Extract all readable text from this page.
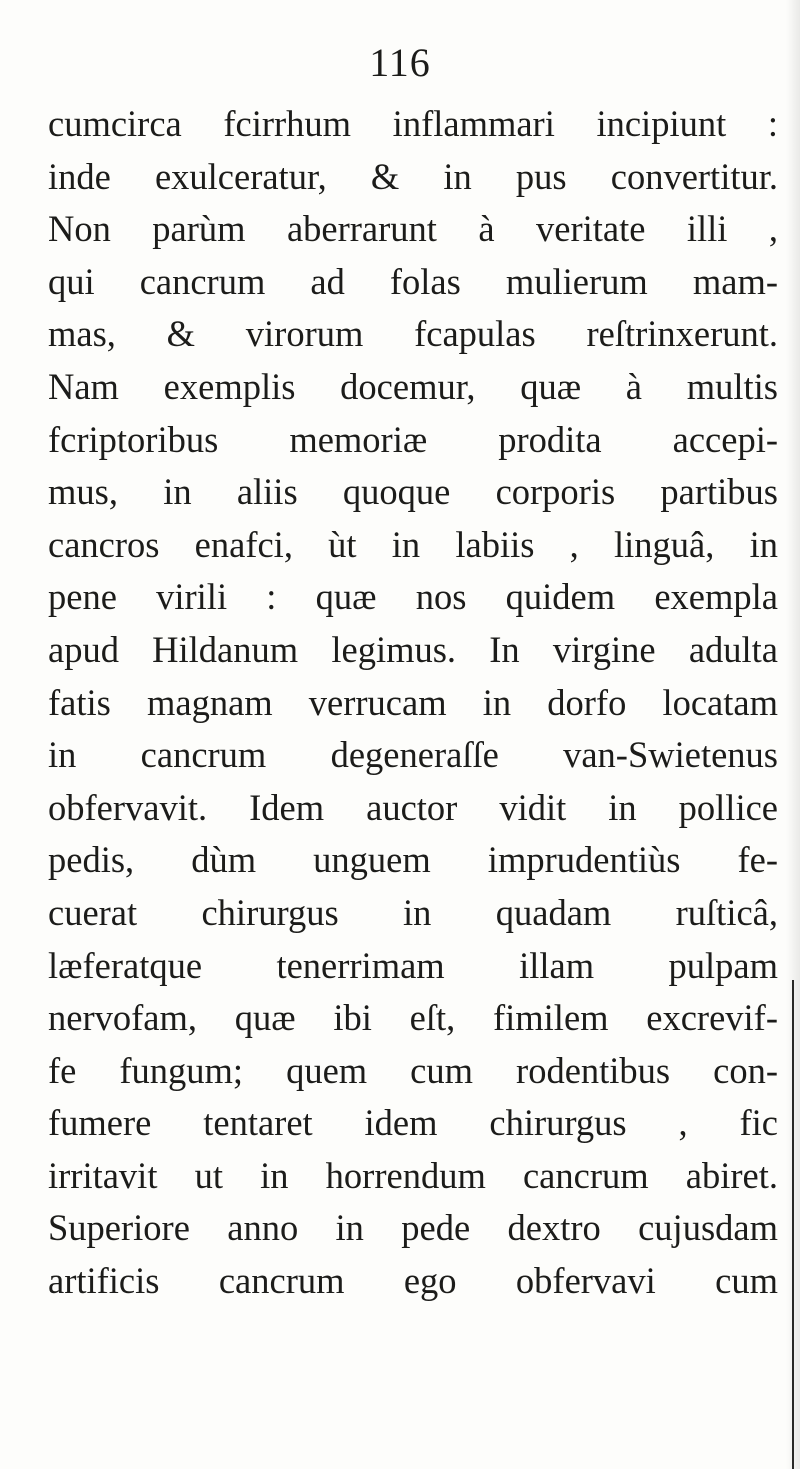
116
cumcirca fcirrhum inflammari incipiunt :
inde exulceratur, & in pus convertitur.
Non parùm aberrarunt à veritate illi ,
qui cancrum ad folas mulierum mam-
mas, & virorum fcapulas reſtrinxerunt.
Nam exemplis docemur, quæ à multis
fcriptoribus memoriæ prodita accepi-
mus, in aliis quoque corporis partibus
cancros enafci, ùt in labiis , linguâ, in
pene virili : quæ nos quidem exempla
apud Hildanum legimus. In virgine adulta
fatis magnam verrucam in dorfo locatam
in cancrum degeneraſſe van-Swietenus
obfervavit. Idem auctor vidit in pollice
pedis, dùm unguem imprudentiùs fe-
cuerat chirurgus in quadam ruſticâ,
læferatque tenerrimam illam pulpam
nervofam, quæ ibi eſt, fimilem excrevif-
fe fungum; quem cum rodentibus con-
fumere tentaret idem chirurgus , fic
irritavit ut in horrendum cancrum abiret.
Superiore anno in pede dextro cujusdam
artificis cancrum ego obfervavi cum
